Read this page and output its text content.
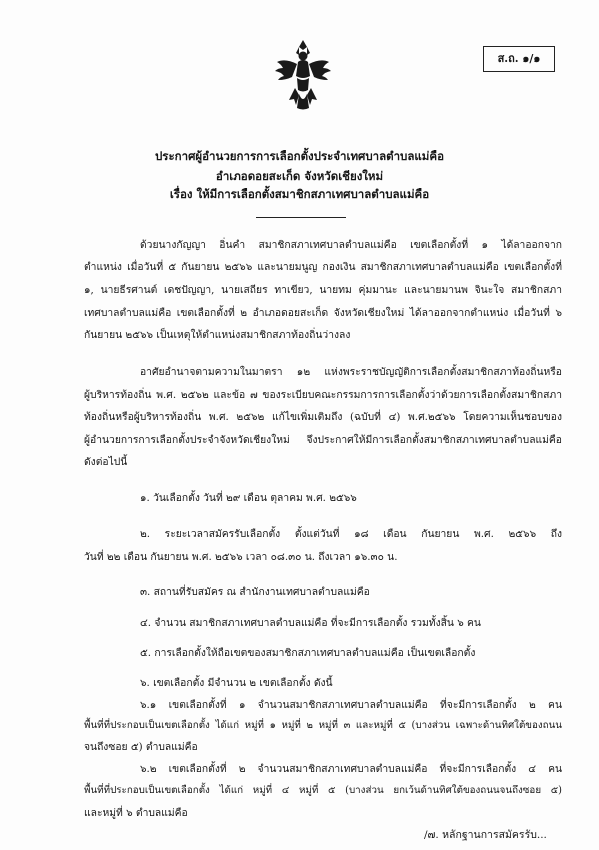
ส.ถ. ๑/๑
ประกาศผู้อำนวยการการเลือกตั้งประจำเทศบาลตำบลแม่คือ
อำเภอดอยสะเก็ด จังหวัดเชียงใหม่
เรื่อง ให้มีการเลือกตั้งสมาชิกสภาเทศบาลตำบลแม่คือ
ด้วยนางกัญญา อิ่นคำ สมาชิกสภาเทศบาลตำบลแม่คือ เขตเลือกตั้งที่ ๑ ได้ลาออกจาก
ตำแหน่ง เมื่อวันที่ ๕ กันยายน ๒๕๖๖ และนายมนูญ กองเงิน สมาชิกสภาเทศบาลตำบลแม่คือ เขตเลือกตั้งที่
๑, นายธีรศานต์ เดชปัญญา, นายเสถียร ทาเขียว, นายทม คุ่มมานะ และนายมานพ จินะใจ สมาชิกสภา
เทศบาลตำบลแม่คือ เขตเลือกตั้งที่ ๒ อำเภอดอยสะเก็ด จังหวัดเชียงใหม่ ได้ลาออกจากตำแหน่ง เมื่อวันที่ ๖
กันยายน ๒๕๖๖ เป็นเหตุให้ตำแหน่งสมาชิกสภาท้องถิ่นว่างลง
อาศัยอำนาจตามความในมาตรา ๑๒ แห่งพระราชบัญญัติการเลือกตั้งสมาชิกสภาท้องถิ่นหรือ
ผู้บริหารท้องถิ่น พ.ศ. ๒๕๖๒ และข้อ ๗ ของระเบียบคณะกรรมการการเลือกตั้งว่าด้วยการเลือกตั้งสมาชิกสภา
ท้องถิ่นหรือผู้บริหารท้องถิ่น พ.ศ. ๒๕๖๒ แก้ไขเพิ่มเติมถึง (ฉบับที่ ๔) พ.ศ.๒๕๖๖ โดยความเห็นชอบของ
ผู้อำนวยการการเลือกตั้งประจำจังหวัดเชียงใหม่ จึงประกาศให้มีการเลือกตั้งสมาชิกสภาเทศบาลตำบลแม่คือ
ดังต่อไปนี้
๑. วันเลือกตั้ง วันที่ ๒๙ เดือน ตุลาคม พ.ศ. ๒๕๖๖
๒. ระยะเวลาสมัครรับเลือกตั้ง ตั้งแต่วันที่ ๑๘ เดือน กันยายน พ.ศ. ๒๕๖๖ ถึง
วันที่ ๒๒ เดือน กันยายน พ.ศ. ๒๕๖๖ เวลา ๐๘.๓๐ น. ถึงเวลา ๑๖.๓๐ น.
๓. สถานที่รับสมัคร ณ สำนักงานเทศบาลตำบลแม่คือ
๔. จำนวน สมาชิกสภาเทศบาลตำบลแม่คือ ที่จะมีการเลือกตั้ง รวมทั้งสิ้น ๖ คน
๕. การเลือกตั้งให้ถือเขตของสมาชิกสภาเทศบาลตำบลแม่คือ เป็นเขตเลือกตั้ง
๖. เขตเลือกตั้ง มีจำนวน ๒ เขตเลือกตั้ง ดังนี้
๖.๑ เขตเลือกตั้งที่ ๑ จำนวนสมาชิกสภาเทศบาลตำบลแม่คือ ที่จะมีการเลือกตั้ง ๒ คน
พื้นที่ที่ประกอบเป็นเขตเลือกตั้ง ได้แก่ หมู่ที่ ๑ หมู่ที่ ๒ หมู่ที่ ๓ และหมู่ที่ ๕ (บางส่วน เฉพาะด้านทิศใต้ของถนน
จนถึงซอย ๕) ตำบลแม่คือ
๖.๒ เขตเลือกตั้งที่ ๒ จำนวนสมาชิกสภาเทศบาลตำบลแม่คือ ที่จะมีการเลือกตั้ง ๔ คน
พื้นที่ที่ประกอบเป็นเขตเลือกตั้ง ได้แก่ หมู่ที่ ๔ หมู่ที่ ๕ (บางส่วน ยกเว้นด้านทิศใต้ของถนนจนถึงซอย ๕)
และหมู่ที่ ๖ ตำบลแม่คือ
/๗. หลักฐานการสมัครรับ...
